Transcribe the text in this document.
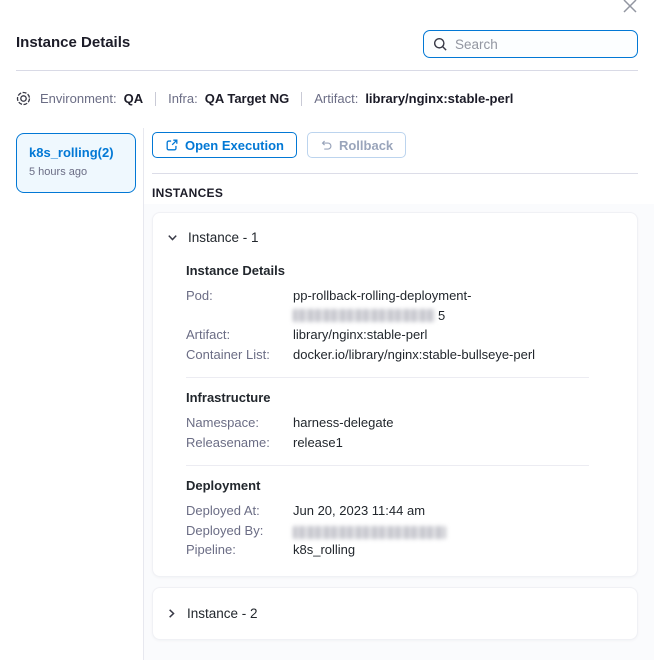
Instance Details
Search
Environment: QA Infra: QA Target NG Artifact: library/nginx:stable-perl
k8s_rolling(2)
5 hours ago
Open Execution	Rollback
INSTANCES
Instance - 1
Instance Details
Pod:	pp-rollback-rolling-deployment-5
Artifact:	library/nginx:stable-perl
Container List:	docker.io/library/nginx:stable-bullseye-perl
Infrastructure
Namespace:	harness-delegate
Releasename:	release1
Deployment
Deployed At:	Jun 20, 2023 11:44 am
Deployed By:
Pipeline:	k8s_rolling
Instance - 2
